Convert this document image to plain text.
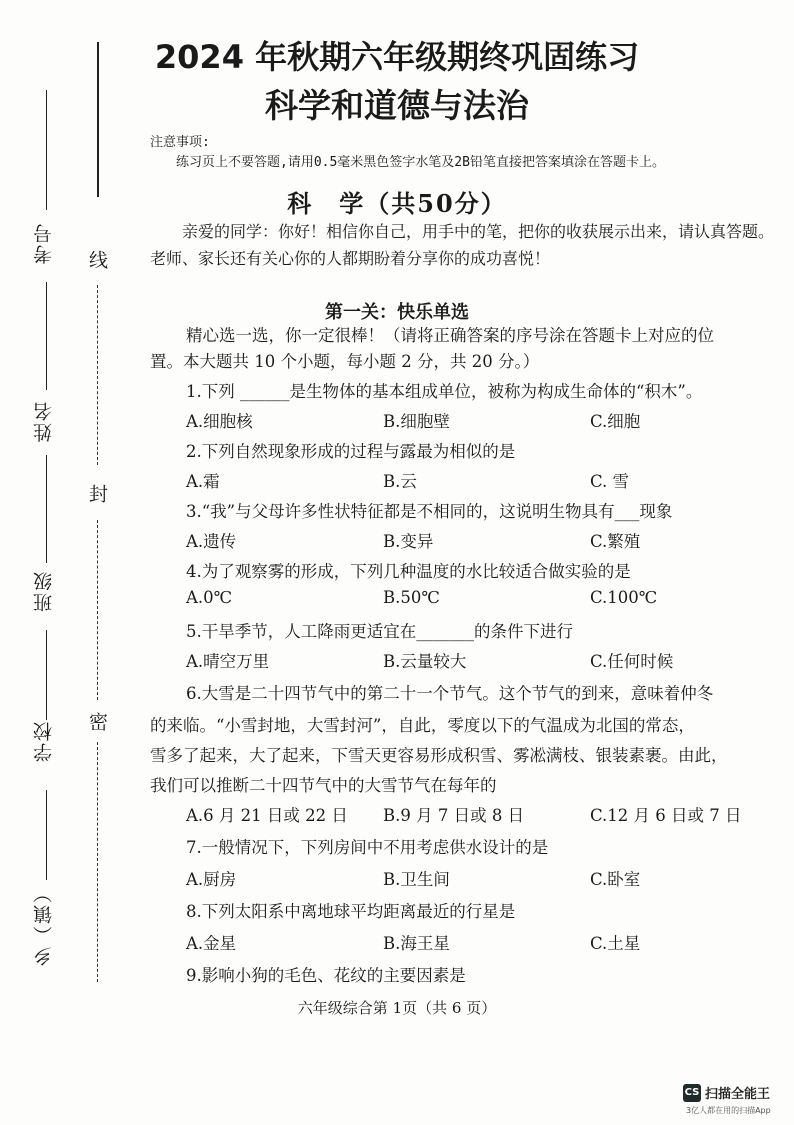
考号 线
姓名
封
班级
密
学校
乡（镇）
2024 年秋期六年级期终巩固练习
科学和道德与法治
注意事项:
练习页上不要答题,请用0.5毫米黑色签字水笔及2B铅笔直接把答案填涂在答题卡上。
科　学（共50分）

亲爱的同学：你好！相信你自己，用手中的笔，把你的收获展示出来，请认真答题。

老师、家长还有关心你的人都期盼着分享你的成功喜悦！

第一关：快乐单选
精心选一选，你一定很棒！（请将正确答案的序号涂在答题卡上对应的位
置。本大题共 10 个小题，每小题 2 分，共 20 分。）
1.下列 ______是生物体的基本组成单位，被称为构成生命体的“积木”。
A.细胞核	B.细胞壁	C.细胞
2.下列自然现象形成的过程与露最为相似的是
A.霜	B.云	C. 雪
3.“我”与父母许多性状特征都是不相同的，这说明生物具有___现象
A.遗传	B.变异	C.繁殖
4.为了观察雾的形成，下列几种温度的水比较适合做实验的是
A.0℃	B.50℃	C.100℃
5.干旱季节，人工降雨更适宜在_______的条件下进行
A.晴空万里	B.云量较大	C.任何时候
6.大雪是二十四节气中的第二十一个节气。这个节气的到来，意味着仲冬
的来临。“小雪封地，大雪封河”，自此，零度以下的气温成为北国的常态，
雪多了起来，大了起来，下雪天更容易形成积雪、雾凇满枝、银装素裹。由此，
我们可以推断二十四节气中的大雪节气在每年的
A.6 月 21 日或 22 日 B.9 月 7 日或 8 日	C.12 月 6 日或 7 日
7.一般情况下，下列房间中不用考虑供水设计的是
A.厨房	B.卫生间	C.卧室
8.下列太阳系中离地球平均距离最近的行星是
A.金星	B.海王星	C.土星
9.影响小狗的毛色、花纹的主要因素是
六年级综合第 1页（共 6 页）
CS 扫描全能王
3亿人都在用的扫描App
